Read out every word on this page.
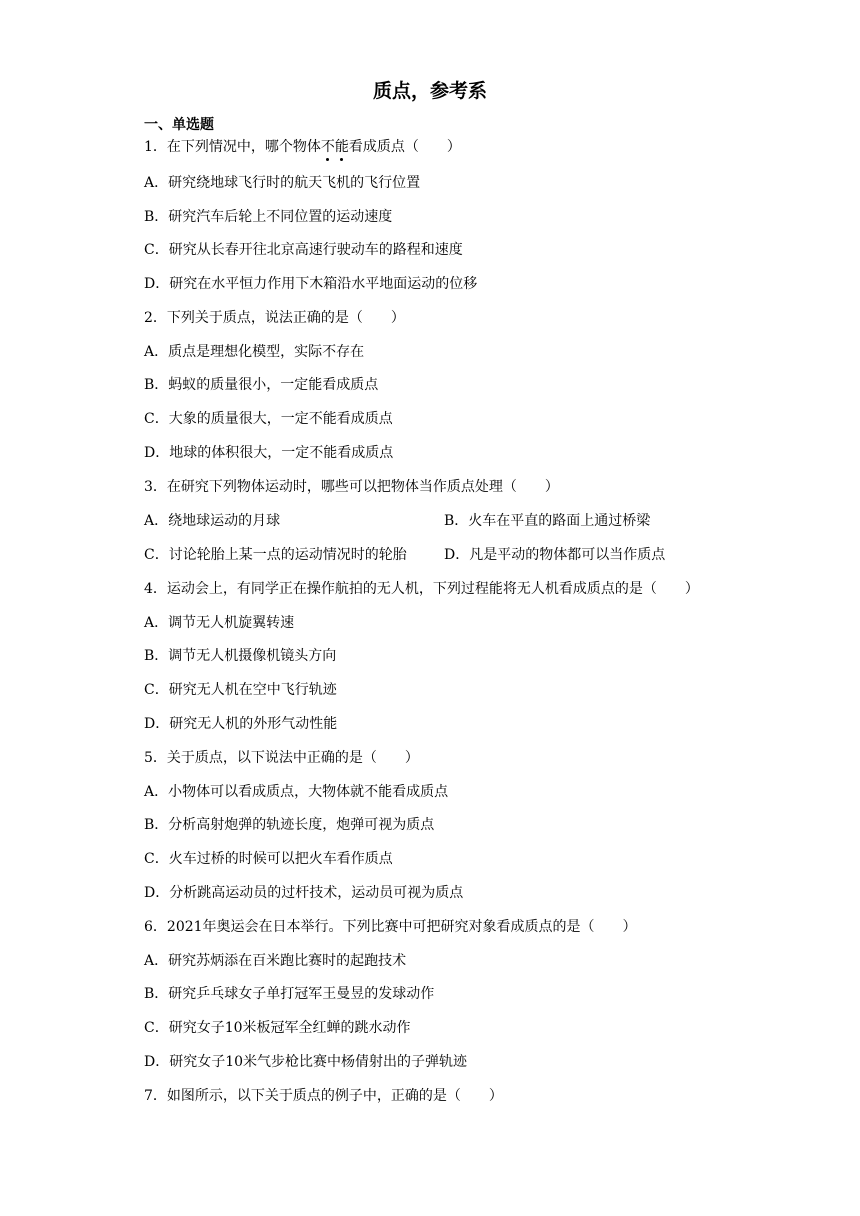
质点，参考系
一、单选题
1．在下列情况中，哪个物体不能看成质点（　　）
A．研究绕地球飞行时的航天飞机的飞行位置
B．研究汽车后轮上不同位置的运动速度
C．研究从长春开往北京高速行驶动车的路程和速度
D．研究在水平恒力作用下木箱沿水平地面运动的位移
2．下列关于质点，说法正确的是（　　）
A．质点是理想化模型，实际不存在
B．蚂蚁的质量很小，一定能看成质点
C．大象的质量很大，一定不能看成质点
D．地球的体积很大，一定不能看成质点
3．在研究下列物体运动时，哪些可以把物体当作质点处理（　　）
A．绕地球运动的月球	B．火车在平直的路面上通过桥梁
C．讨论轮胎上某一点的运动情况时的轮胎	D．凡是平动的物体都可以当作质点
4．运动会上，有同学正在操作航拍的无人机，下列过程能将无人机看成质点的是（　　）
A．调节无人机旋翼转速
B．调节无人机摄像机镜头方向
C．研究无人机在空中飞行轨迹
D．研究无人机的外形气动性能
5．关于质点，以下说法中正确的是（　　）
A．小物体可以看成质点，大物体就不能看成质点
B．分析高射炮弹的轨迹长度，炮弹可视为质点
C．火车过桥的时候可以把火车看作质点
D．分析跳高运动员的过杆技术，运动员可视为质点
6．2021年奥运会在日本举行。下列比赛中可把研究对象看成质点的是（　　）
A．研究苏炳添在百米跑比赛时的起跑技术
B．研究乒乓球女子单打冠军王曼昱的发球动作
C．研究女子10米板冠军全红蝉的跳水动作
D．研究女子10米气步枪比赛中杨倩射出的子弹轨迹
7．如图所示，以下关于质点的例子中，正确的是（　　）
